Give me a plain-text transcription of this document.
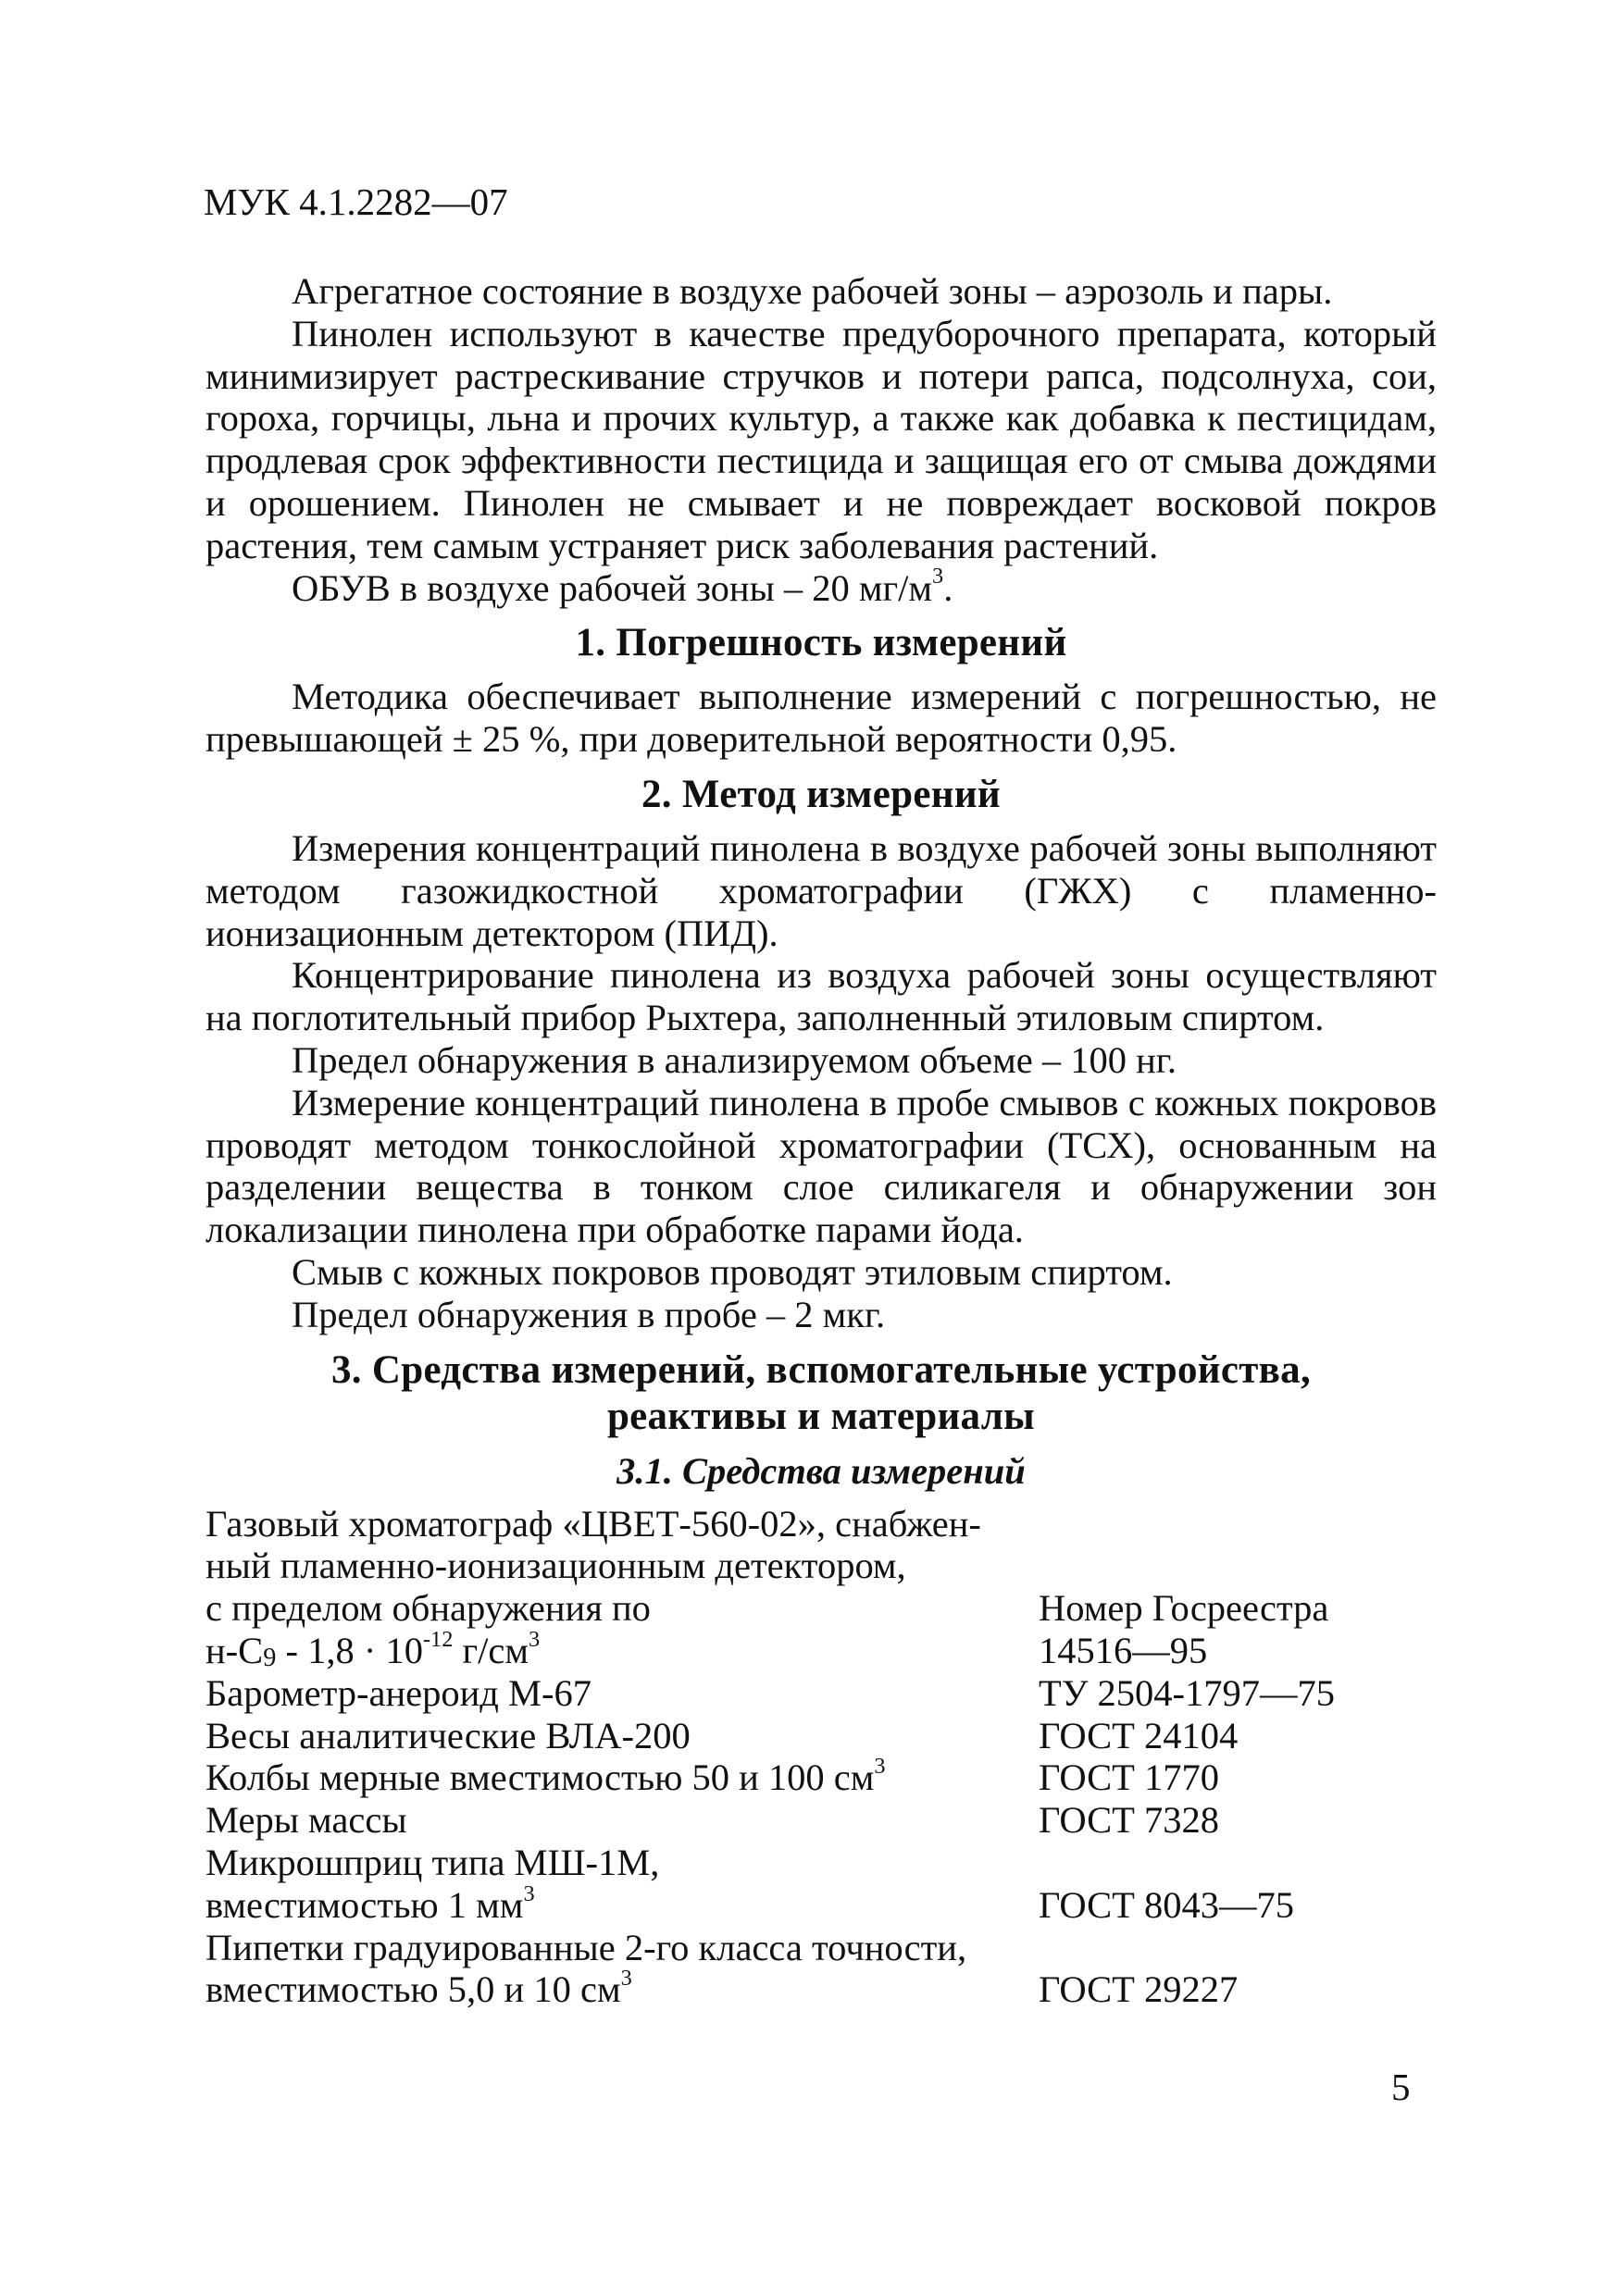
МУК 4.1.2282—07

Агрегатное состояние в воздухе рабочей зоны – аэрозоль и пары.

Пинолен используют в качестве предуборочного препарата, который минимизирует растрескивание стручков и потери рапса, подсолнуха, сои, гороха, горчицы, льна и прочих культур, а также как добавка к пестицидам, продлевая срок эффективности пестицида и защищая его от смыва дождями и орошением. Пинолен не смывает и не повреждает восковой покров растения, тем самым устраняет риск заболевания растений.

ОБУВ в воздухе рабочей зоны – 20 $мг/м^3$.

1. Погрешность измерений

Методика обеспечивает выполнение измерений с погрешностью, не превышающей ± 25 %, при доверительной вероятности 0,95.

2. Метод измерений

Измерения концентраций пинолена в воздухе рабочей зоны выполняют методом газожидкостной хроматографии (ГЖХ) с пламенно-ионизационным детектором (ПИД).

Концентрирование пинолена из воздуха рабочей зоны осуществляют на поглотительный прибор Рыхтера, заполненный этиловым спиртом.

Предел обнаружения в анализируемом объеме – 100 нг.

Измерение концентраций пинолена в пробе смывов с кожных покровов проводят методом тонкослойной хроматографии (ТСХ), основанным на разделении вещества в тонком слое силикагеля и обнаружении зон локализации пинолена при обработке парами йода.

Смыв с кожных покровов проводят этиловым спиртом.

Предел обнаружения в пробе – 2 мкг.

3. Средства измерений, вспомогательные устройства,
реактивы и материалы
3.1. Средства измерений
Газовый хроматограф «ЦВЕТ-560-02», снабжен-
ный пламенно-ионизационным детектором,
с пределом обнаружения по	Номер Госреестра
$н-С_9 - 1,8 \cdot 10^{-12}$ $г/см^3$	14516—95
Барометр-анероид М-67	ТУ 2504-1797—75
Весы аналитические ВЛА-200	ГОСТ 24104
Колбы мерные вместимостью 50 и 100 $см^3$	ГОСТ 1770
Меры массы	ГОСТ 7328
Микрошприц типа МШ-1М,
вместимостью 1 $мм^3$	ГОСТ 8043—75
Пипетки градуированные 2-го класса точности,
вместимостью 5,0 и 10 $см^3$	ГОСТ 29227
5
